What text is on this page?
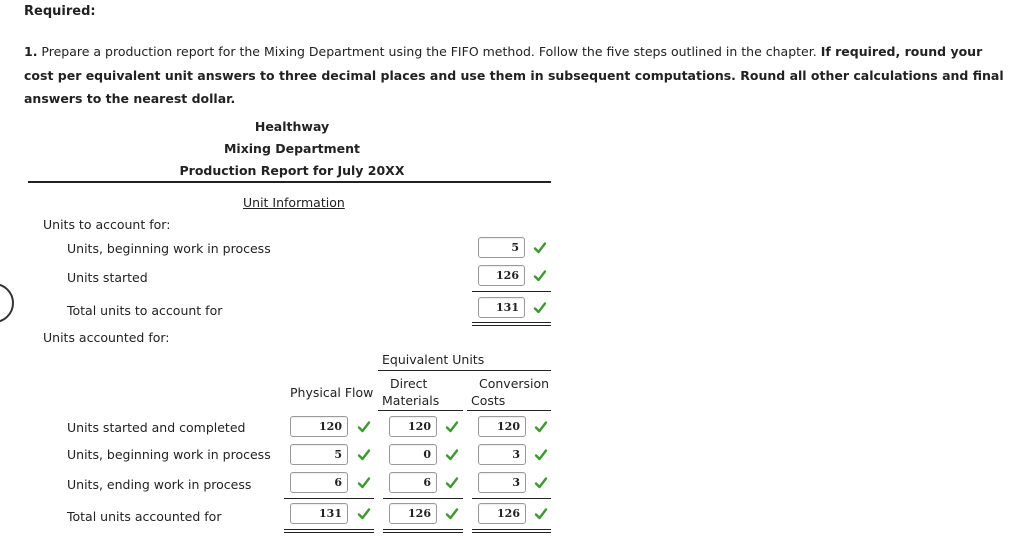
Required:
1. Prepare a production report for the Mixing Department using the FIFO method. Follow the five steps outlined in the chapter. If required, round your cost per equivalent unit answers to three decimal places and use them in subsequent computations. Round all other calculations and final answers to the nearest dollar.
Healthway
Mixing Department
Production Report for July 20XX
Unit Information
Units to account for:
Units, beginning work in process	5
Units started	126
Total units to account for	131
Units accounted for:
Equivalent Units
Physical Flow
Direct
Materials
Conversion
Costs
Units started and completed	120	120	120
Units, beginning work in process	5	0	3
Units, ending work in process	6	6	3
Total units accounted for	131	126	126
